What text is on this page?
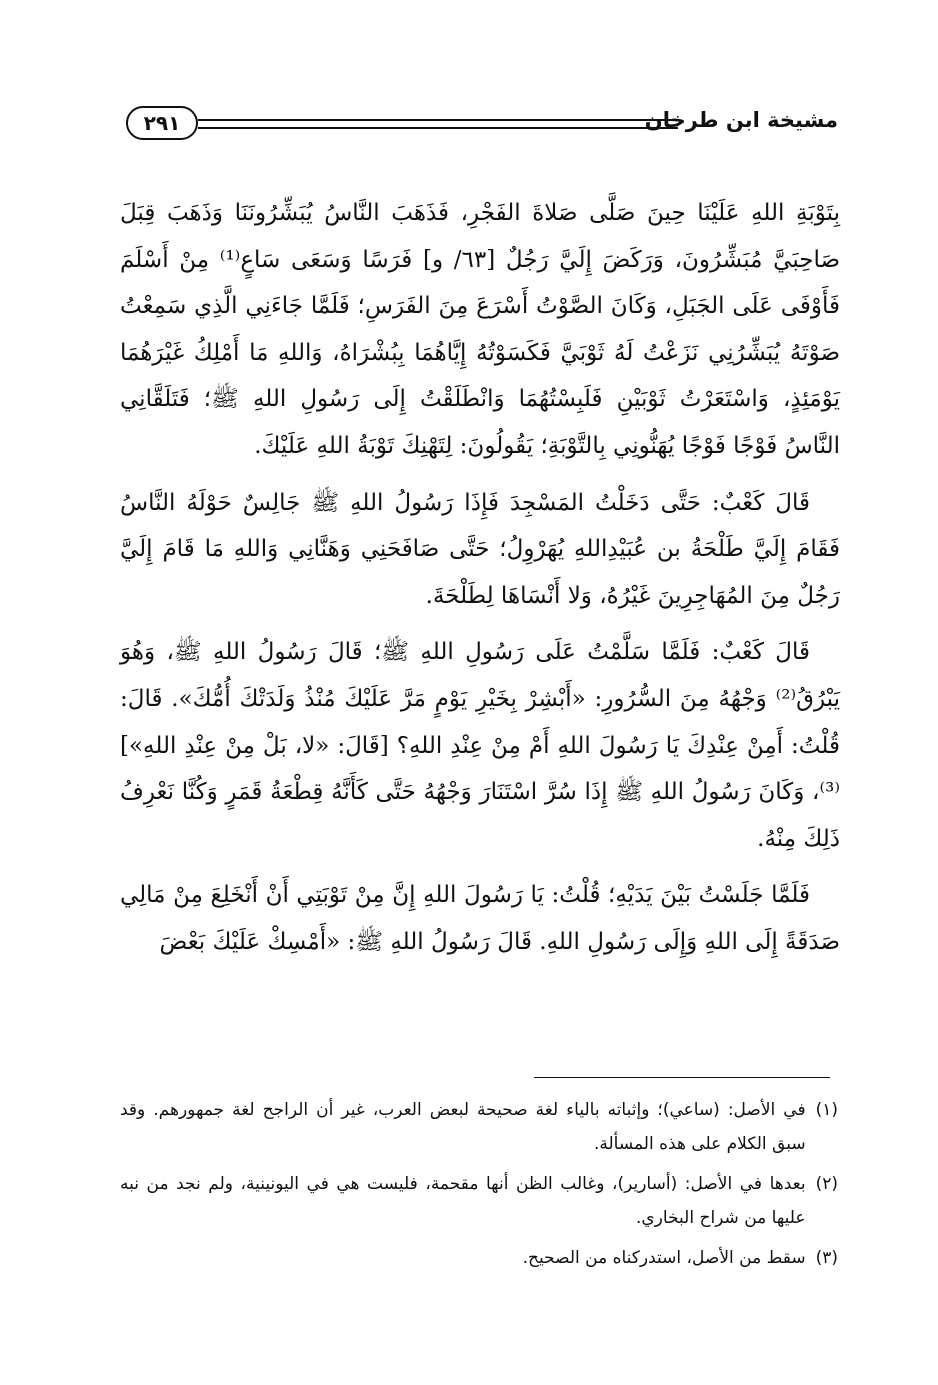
٢٩١	مشيخة ابن طرخان

بِتَوْبَةِ اللهِ عَلَيْنَا حِينَ صَلَّى صَلاةَ الفَجْرِ، فَذَهَبَ النَّاسُ يُبَشِّرُونَنَا وَذَهَبَ قِبَلَ صَاحِبَيَّ مُبَشِّرُونَ، وَرَكَضَ إِلَيَّ رَجُلٌ [٦٣/ و] فَرَسًا وَسَعَى سَاعٍ⁽¹⁾ مِنْ أَسْلَمَ فَأَوْفَى عَلَى الجَبَلِ، وَكَانَ الصَّوْتُ أَسْرَعَ مِنَ الفَرَسِ؛ فَلَمَّا جَاءَنِي الَّذِي سَمِعْتُ صَوْتَهُ يُبَشِّرُنِي نَزَعْتُ لَهُ ثَوْبَيَّ فَكَسَوْتُهُ إِيَّاهُمَا بِبُشْرَاهُ، وَاللهِ مَا أَمْلِكُ غَيْرَهُمَا يَوْمَئِذٍ، وَاسْتَعَرْتُ ثَوْبَيْنِ فَلَبِسْتُهُمَا وَانْطَلَقْتُ إِلَى رَسُولِ اللهِ ﷺ؛ فَتَلَقَّانِي النَّاسُ فَوْجًا فَوْجًا يُهَنُّونِي بِالتَّوْبَةِ؛ يَقُولُونَ: لِتَهْنِكَ تَوْبَةُ اللهِ عَلَيْكَ.

قَالَ كَعْبٌ: حَتَّى دَخَلْتُ المَسْجِدَ فَإِذَا رَسُولُ اللهِ ﷺ جَالِسٌ حَوْلَهُ النَّاسُ فَقَامَ إِلَيَّ طَلْحَةُ بن عُبَيْدِاللهِ يُهَرْوِلُ؛ حَتَّى صَافَحَنِي وَهَنَّانِي وَاللهِ مَا قَامَ إِلَيَّ رَجُلٌ مِنَ المُهَاجِرِينَ غَيْرُهُ، وَلا أَنْسَاهَا لِطَلْحَةَ.

قَالَ كَعْبٌ: فَلَمَّا سَلَّمْتُ عَلَى رَسُولِ اللهِ ﷺ؛ قَالَ رَسُولُ اللهِ ﷺ، وَهُوَ يَبْرُقُ⁽²⁾ وَجْهُهُ مِنَ السُّرُورِ: «أَبْشِرْ بِخَيْرِ يَوْمٍ مَرَّ عَلَيْكَ مُنْذُ وَلَدَتْكَ أُمُّكَ». قَالَ: قُلْتُ: أَمِنْ عِنْدِكَ يَا رَسُولَ اللهِ أَمْ مِنْ عِنْدِ اللهِ؟ [قَالَ: «لا، بَلْ مِنْ عِنْدِ اللهِ»]⁽³⁾، وَكَانَ رَسُولُ اللهِ ﷺ إِذَا سُرَّ اسْتَنَارَ وَجْهُهُ حَتَّى كَأَنَّهُ قِطْعَةُ قَمَرٍ وَكُنَّا نَعْرِفُ ذَلِكَ مِنْهُ.

فَلَمَّا جَلَسْتُ بَيْنَ يَدَيْهِ؛ قُلْتُ: يَا رَسُولَ اللهِ إِنَّ مِنْ تَوْبَتِي أَنْ أَنْخَلِعَ مِنْ مَالِي صَدَقَةً إِلَى اللهِ وَإِلَى رَسُولِ اللهِ. قَالَ رَسُولُ اللهِ ﷺ: «أَمْسِكْ عَلَيْكَ بَعْضَ

(١)
في الأصل: (ساعي)؛ وإثباته بالياء لغة صحيحة لبعض العرب، غير أن الراجح لغة جمهورهم. وقد سبق الكلام على هذه المسألة.
(٢)
بعدها في الأصل: (أسارير)، وغالب الظن أنها مقحمة، فليست هي في اليونينية، ولم نجد من نبه عليها من شراح البخاري.
(٣)
سقط من الأصل، استدركناه من الصحيح.
